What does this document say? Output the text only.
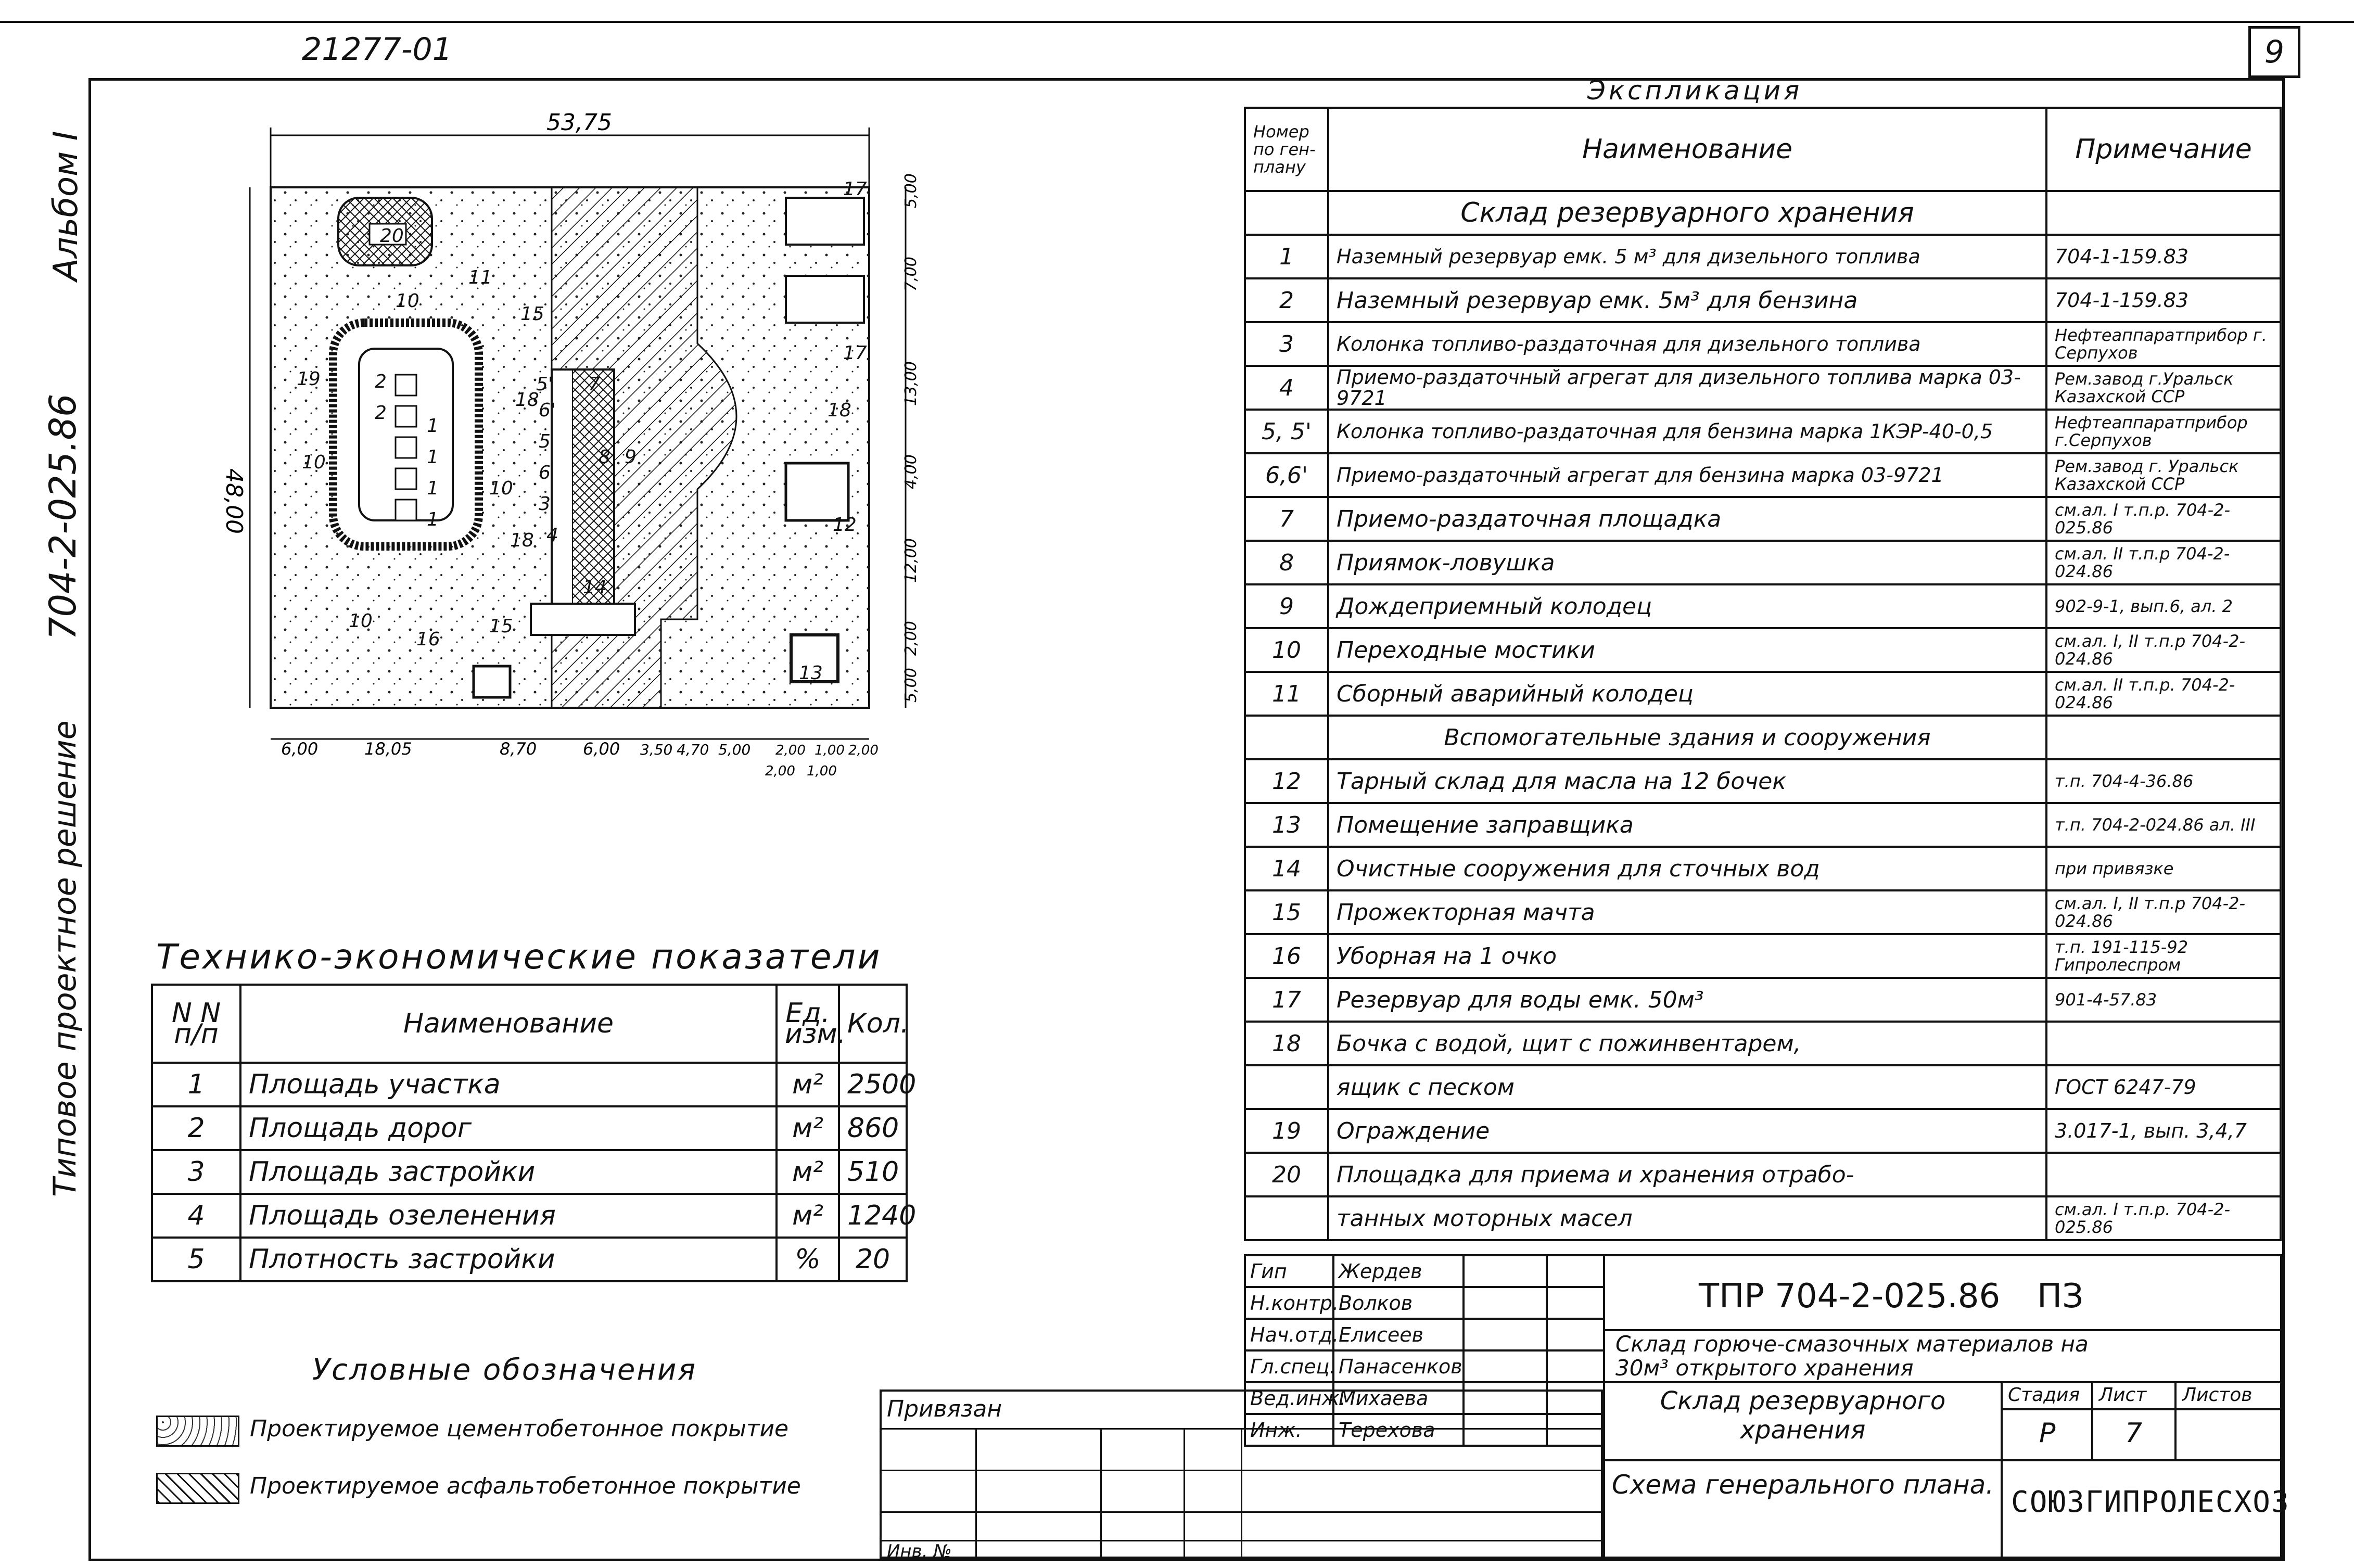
21277-01	9
Альбом I
704-2-025.86
Типовое проектное решение
53,75
48,00
6,00	18,05	8,70	6,00 3,50 4,70 5,00 2,00 1,00 2,00
2,00 1,00
5,00
7,00
13,00
4,00
12,00
2,00
5,00
20
11
10
15
19
10
10
9
5'
6'
5
6
7
8
3
4
18
18
14
16
15
10
17
17
18
12
13
1
2
2
1
1
1
Технико-экономические показатели
N N п/п	Наименование	Ед. изм.	Кол.
1	Площадь участка	м²	2500
2	Площадь дорог	м²	860
3	Площадь застройки	м²	510
4	Площадь озеленения	м²	1240
5	Плотность застройки	%	20
Условные обозначения
Проектируемое цементобетонное покрытие
Проектируемое асфальтобетонное покрытие
Экспликация
Номер по ген-плану	Наименование	Примечание
	Склад резервуарного хранения	
1	Наземный резервуар емк. 5 м³ для дизельного топлива	704-1-159.83
2	Наземный резервуар емк. 5м³ для бензина	704-1-159.83
3	Колонка топливо-раздаточная для дизельного топлива	Нефтеаппаратприбор г. Серпухов
4	Приемо-раздаточный агрегат для дизельного топлива марка 03-9721	Рем.завод г.Уральск Казахской ССР
5, 5'	Колонка топливо-раздаточная для бензина марка 1КЭР-40-0,5	Нефтеаппаратприбор г.Серпухов
6,6'	Приемо-раздаточный агрегат для бензина марка 03-9721	Рем.завод г. Уральск Казахской ССР
7	Приемо-раздаточная площадка	см.ал. I т.п.р. 704-2-025.86
8	Приямок-ловушка	см.ал. II т.п.р 704-2-024.86
9	Дождеприемный колодец	902-9-1, вып.6, ал. 2
10	Переходные мостики	см.ал. I, II т.п.р 704-2-024.86
11	Сборный аварийный колодец	см.ал. II т.п.р. 704-2-024.86
	Вспомогательные здания и сооружения	
12	Тарный склад для масла на 12 бочек	т.п. 704-4-36.86
13	Помещение заправщика	т.п. 704-2-024.86 ал. III
14	Очистные сооружения для сточных вод	при привязке
15	Прожекторная мачта	см.ал. I, II т.п.р 704-2-024.86
16	Уборная на 1 очко	т.п. 191-115-92 Гипролеспром
17	Резервуар для воды емк. 50м³	901-4-57.83
18	Бочка с водой, щит с пожинвентарем,	
	ящик с песком	ГОСТ 6247-79
19	Ограждение	3.017-1, вып. 3,4,7
20	Площадка для приема и хранения отрабо-	
	танных моторных масел	см.ал. I т.п.р. 704-2-025.86
Гип	Жердев		
Н.контр.	Волков		
Нач.отд.	Елисеев		
Гл.спец.	Панасенков		
Вед.инж.	Михаева		
Инж.	Терехова		
ТПР 704-2-025.86 ПЗ
Склад горюче-смазочных материалов на 30м³ открытого хранения
Склад резервуарного хранения
Схема генерального плана.
Стадия Лист Листов
Р	7
СОЮЗГИПРОЛЕСХОЗ
Привязан
Инв. №
